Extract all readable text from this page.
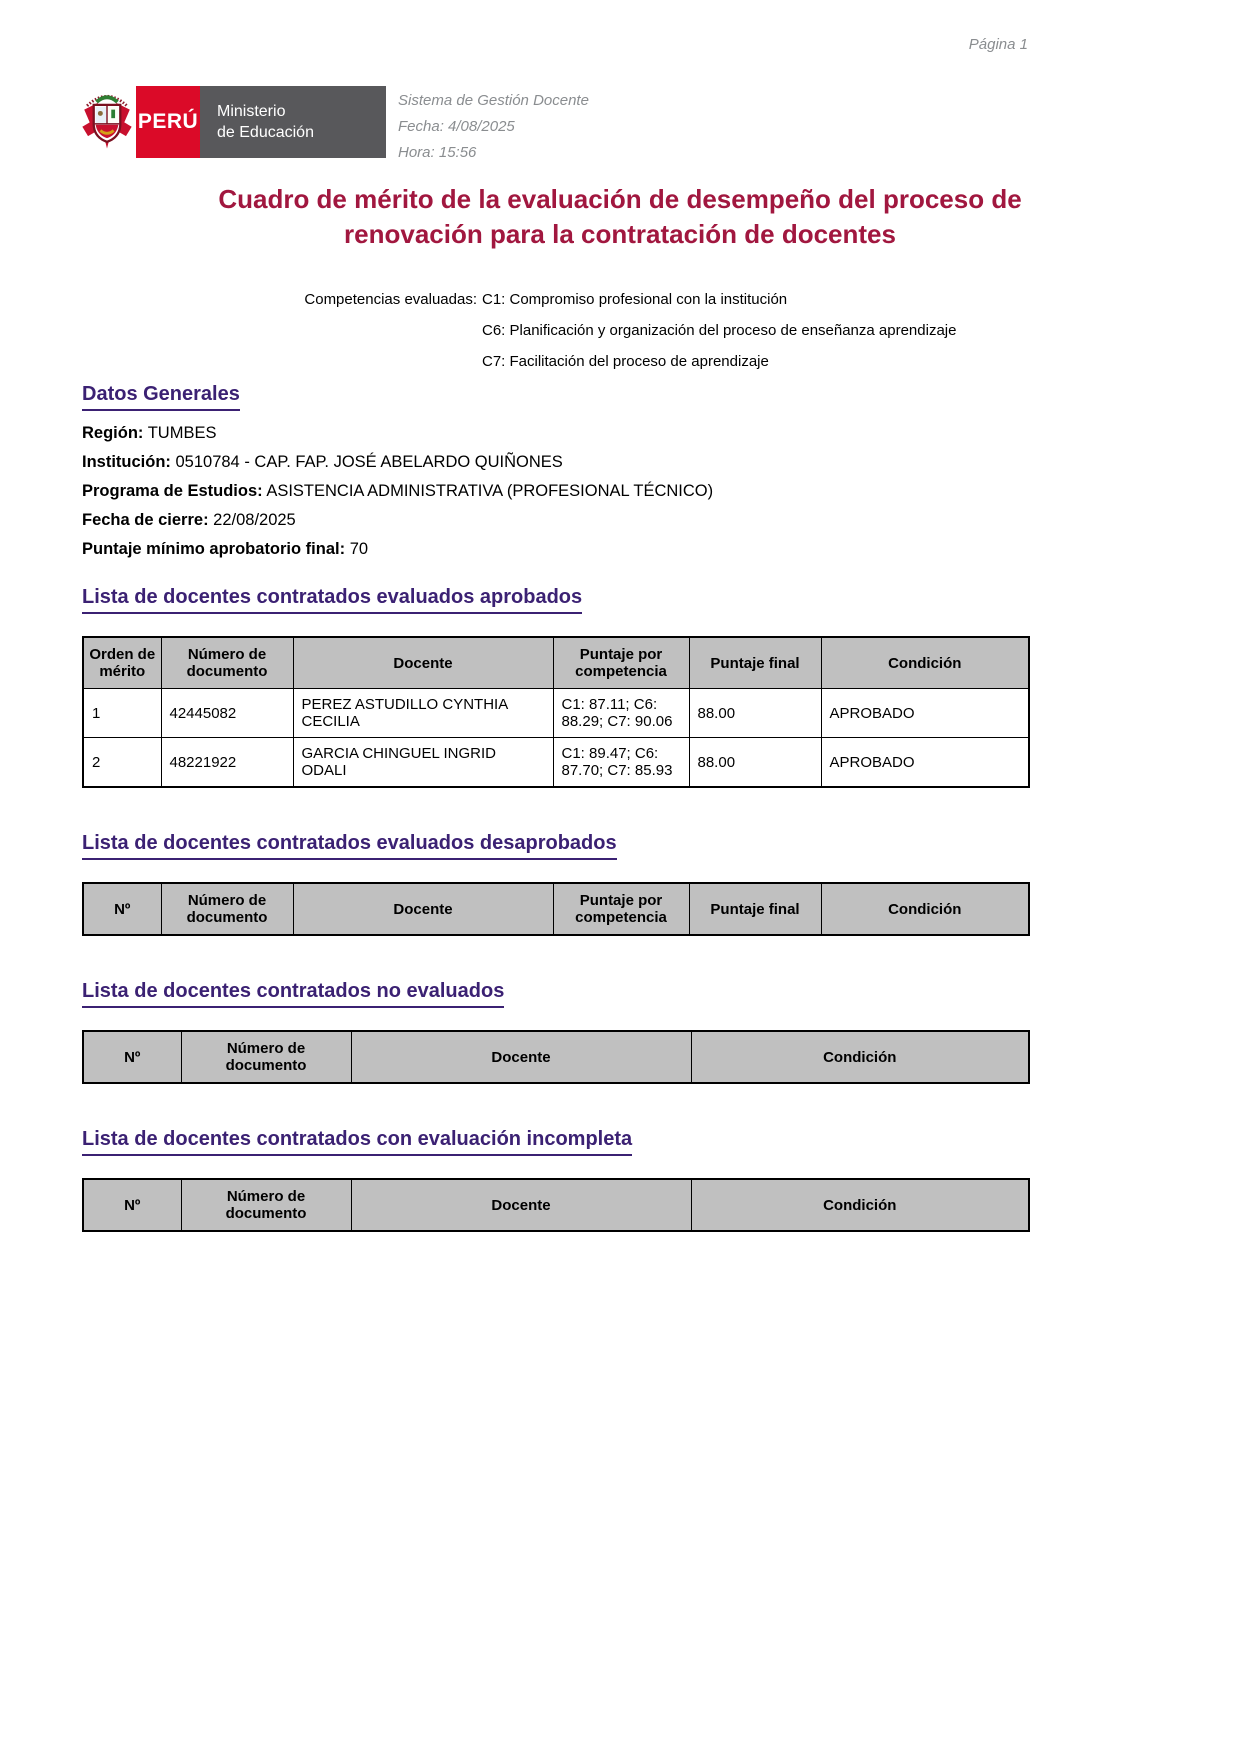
Página 1
PERÚ Ministerio
de Educación
Sistema de Gestión Docente
Fecha: 4/08/2025
Hora: 15:56
Cuadro de mérito de la evaluación de desempeño del proceso de renovación para la contratación de docentes
Competencias evaluadas: C1: Compromiso profesional con la institución
C6: Planificación y organización del proceso de enseñanza aprendizaje
C7: Facilitación del proceso de aprendizaje
Datos Generales
Región: TUMBES
Institución: 0510784 - CAP. FAP. JOSÉ ABELARDO QUIÑONES
Programa de Estudios: ASISTENCIA ADMINISTRATIVA (PROFESIONAL TÉCNICO)
Fecha de cierre: 22/08/2025
Puntaje mínimo aprobatorio final: 70
Lista de docentes contratados evaluados aprobados
Orden de mérito	Número de documento	Docente	Puntaje por competencia	Puntaje final	Condición
1	42445082	PEREZ ASTUDILLO CYNTHIA CECILIA	C1: 87.11; C6: 88.29; C7: 90.06	88.00	APROBADO
2	48221922	GARCIA CHINGUEL INGRID ODALI	C1: 89.47; C6: 87.70; C7: 85.93	88.00	APROBADO
Lista de docentes contratados evaluados desaprobados
Nº	Número de documento	Docente	Puntaje por competencia	Puntaje final	Condición
Lista de docentes contratados no evaluados
Nº	Número de documento	Docente	Condición
Lista de docentes contratados con evaluación incompleta
Nº	Número de documento	Docente	Condición
